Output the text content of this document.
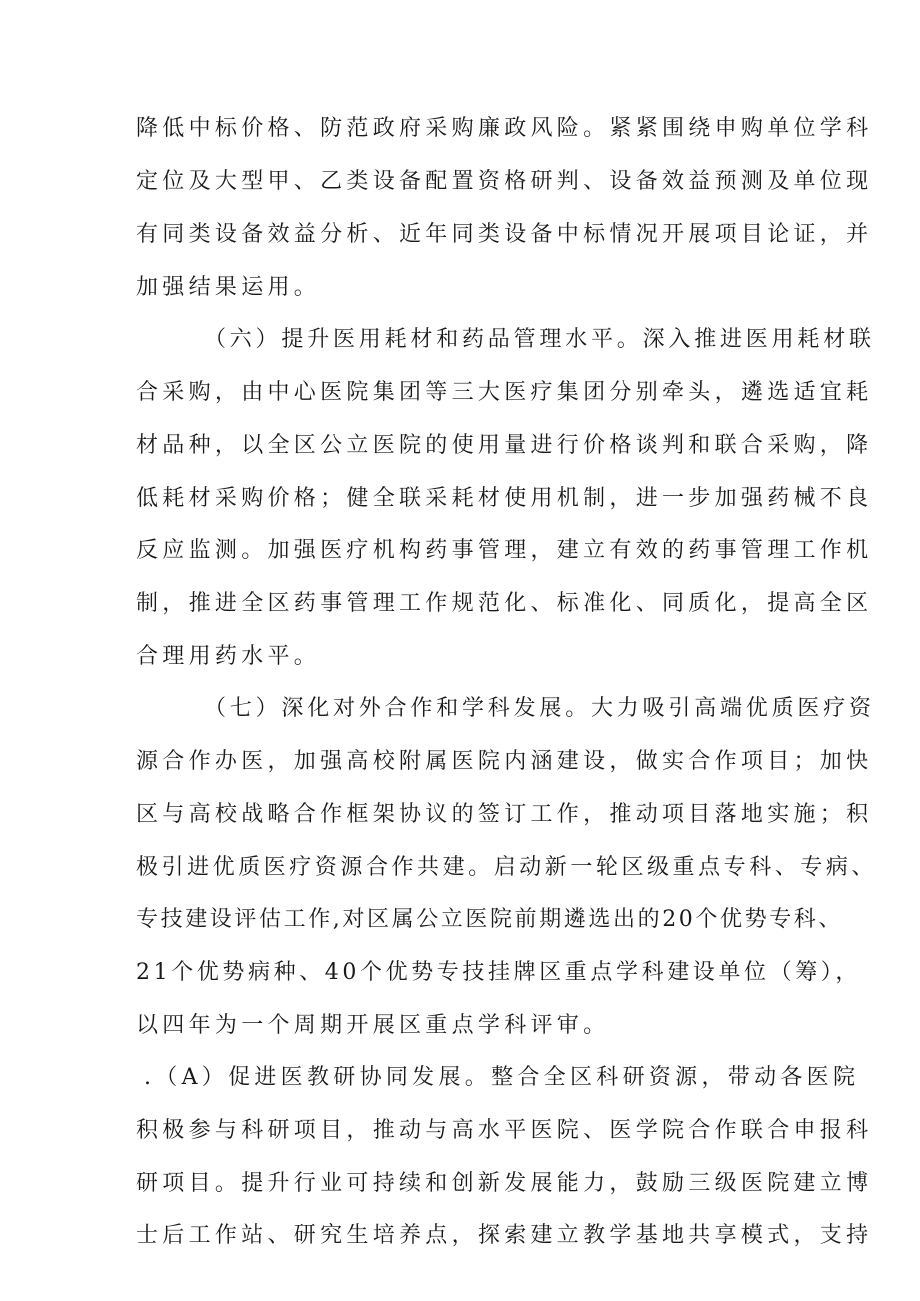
降低中标价格、防范政府采购廉政风险。紧紧围绕申购单位学科

定位及大型甲、乙类设备配置资格研判、设备效益预测及单位现

有同类设备效益分析、近年同类设备中标情况开展项目论证，并

加强结果运用。

（六）提升医用耗材和药品管理水平。深入推进医用耗材联

合采购，由中心医院集团等三大医疗集团分别牵头，遴选适宜耗

材品种，以全区公立医院的使用量进行价格谈判和联合采购，降

低耗材采购价格；健全联采耗材使用机制，进一步加强药械不良

反应监测。加强医疗机构药事管理，建立有效的药事管理工作机

制，推进全区药事管理工作规范化、标准化、同质化，提高全区

合理用药水平。

（七）深化对外合作和学科发展。大力吸引高端优质医疗资

源合作办医，加强高校附属医院内涵建设，做实合作项目；加快

区与高校战略合作框架协议的签订工作，推动项目落地实施；积

极引进优质医疗资源合作共建。启动新一轮区级重点专科、专病、

专技建设评估工作,对区属公立医院前期遴选出的20个优势专科、

21个优势病种、40个优势专技挂牌区重点学科建设单位（筹），

以四年为一个周期开展区重点学科评审。

.（A）促进医教研协同发展。整合全区科研资源，带动各医院

积极参与科研项目，推动与高水平医院、医学院合作联合申报科

研项目。提升行业可持续和创新发展能力，鼓励三级医院建立博

士后工作站、研究生培养点，探索建立教学基地共享模式，支持
